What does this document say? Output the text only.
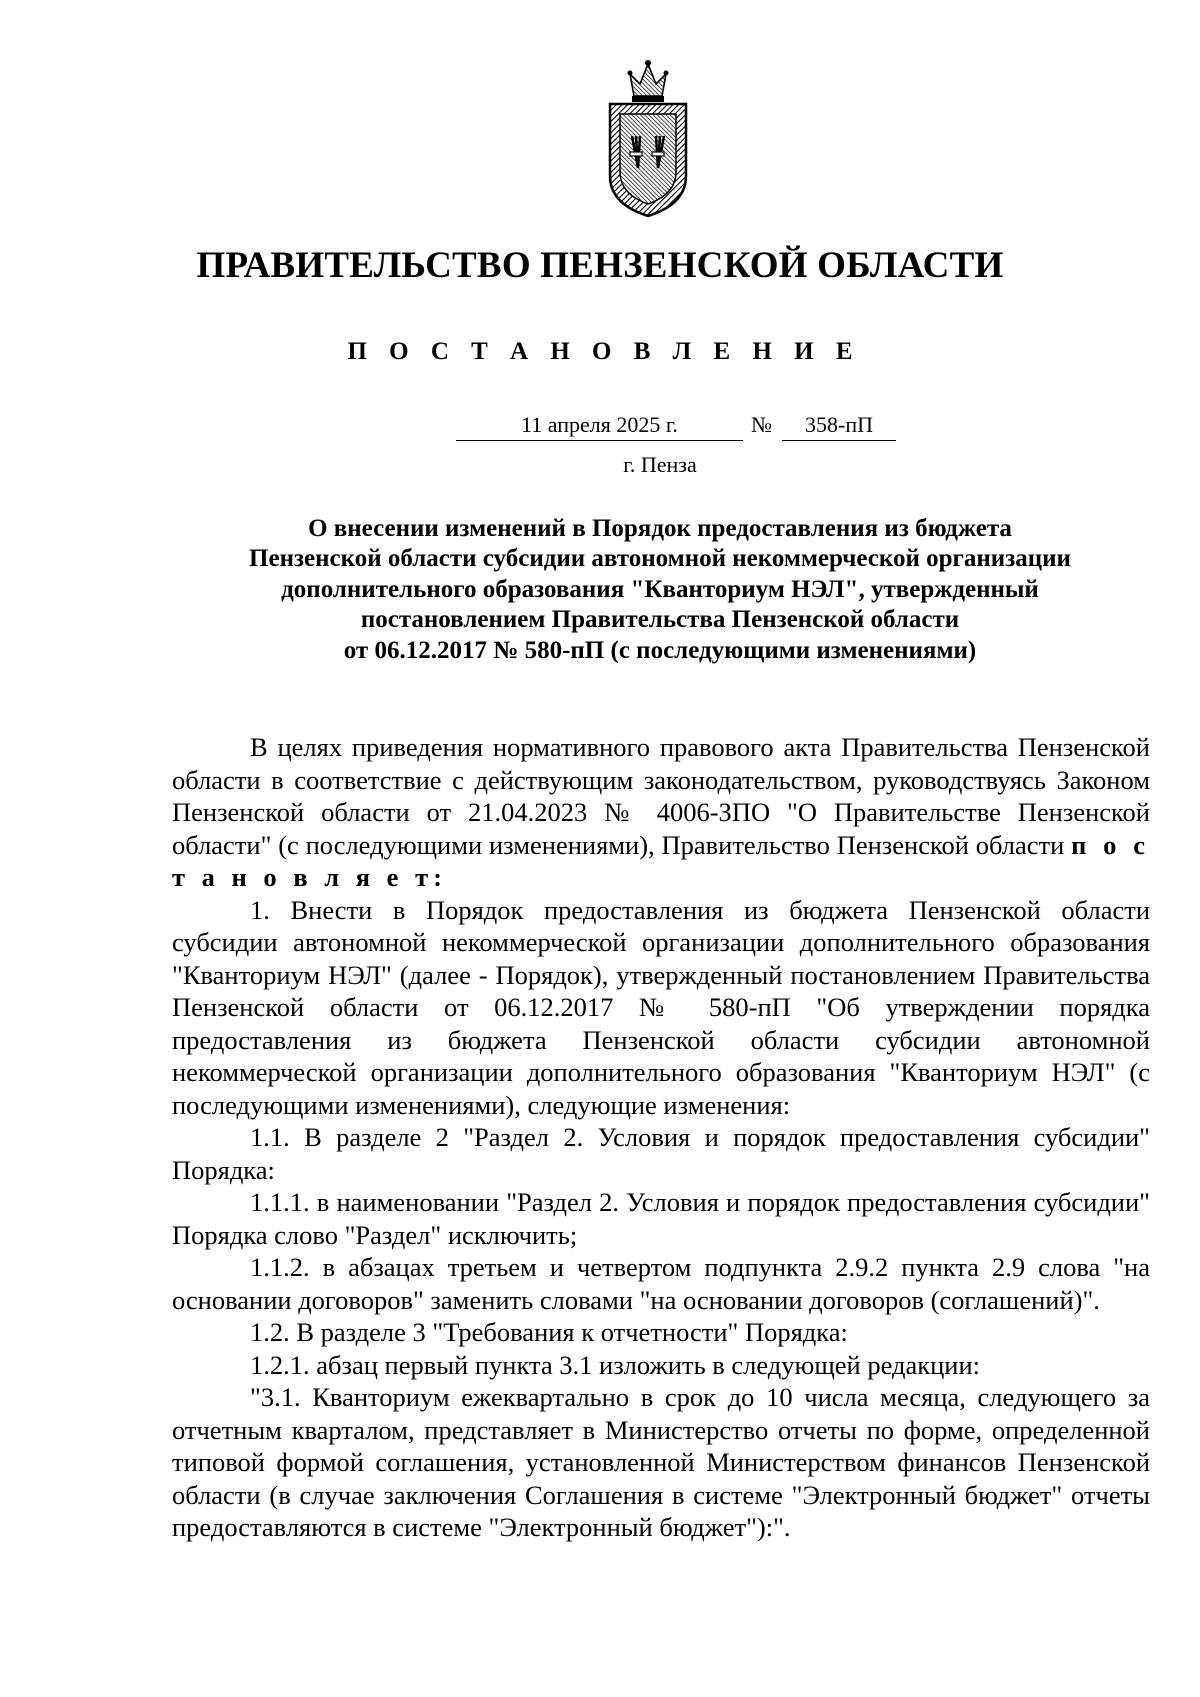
ПРАВИТЕЛЬСТВО ПЕНЗЕНСКОЙ ОБЛАСТИ
П О С Т А Н О В Л Е Н И Е
11 апреля 2025 г.	№	358-пП
г. Пенза
О внесении изменений в Порядок предоставления из бюджета
Пензенской области субсидии автономной некоммерческой организации
дополнительного образования "Кванториум НЭЛ", утвержденный
постановлением Правительства Пензенской области
от 06.12.2017 № 580-пП (с последующими изменениями)

В целях приведения нормативного правового акта Правительства Пензенской области в соответствие с действующим законодательством, руководствуясь Законом Пензенской области от 21.04.2023 № 4006-ЗПО "О Правительстве Пензенской области" (с последующими изменениями), Правительство Пензенской области п о с т а н о в л я е т:

1. Внести в Порядок предоставления из бюджета Пензенской области субсидии автономной некоммерческой организации дополнительного образования "Кванториум НЭЛ" (далее - Порядок), утвержденный постановлением Правительства Пензенской области от 06.12.2017 № 580-пП "Об утверждении порядка предоставления из бюджета Пензенской области субсидии автономной некоммерческой организации дополнительного образования "Кванториум НЭЛ" (с последующими изменениями), следующие изменения:

1.1. В разделе 2 "Раздел 2. Условия и порядок предоставления субсидии" Порядка:

1.1.1. в наименовании "Раздел 2. Условия и порядок предоставления субсидии" Порядка слово "Раздел" исключить;

1.1.2. в абзацах третьем и четвертом подпункта 2.9.2 пункта 2.9 слова "на основании договоров" заменить словами "на основании договоров (соглашений)".

1.2. В разделе 3 "Требования к отчетности" Порядка:

1.2.1. абзац первый пункта 3.1 изложить в следующей редакции:

"3.1. Кванториум ежеквартально в срок до 10 числа месяца, следующего за отчетным кварталом, представляет в Министерство отчеты по форме, определенной типовой формой соглашения, установленной Министерством финансов Пензенской области (в случае заключения Соглашения в системе "Электронный бюджет" отчеты предоставляются в системе "Электронный бюджет"):".
